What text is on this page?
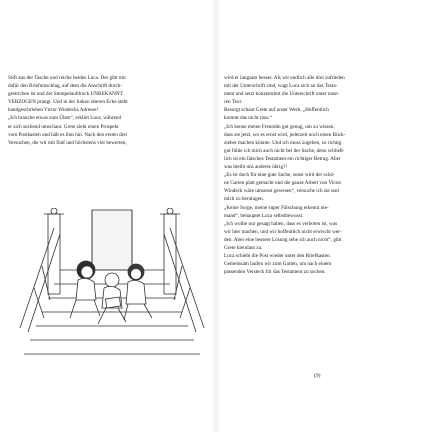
Stift aus der Tasche und reiche beides Luca. Der gibt mir

dafür den Briefumschlag, auf dem die Anschrift durch-

gestrichen ist und der Stempelaufdruck UNBEKANNT

VERZOGEN prangt. Und in der linken oberen Ecke steht

handgeschrieben Victor Windecks Adresse!

„Ich brauche etwas zum Üben“, erklärt Luca, während

er sich suchend umschaut. Grete zieht einen Prospekt

vom Postkasten und hält es ihm hin. Nach den ersten drei

Versuchen, die wir mit fünf und höchstens vier bewerten,

wird er langsam besser. Als wir endlich alle drei zufrieden

mit der Unterschrift sind, wagt Luca sich an das Testa-

ment und setzt konzentriert die Unterschrift unter unse-

ren Text.

Besorgt schaut Grete auf unser Werk. „Hoffentlich

kommt das nicht raus.“

„Ich kenne meine Freundin gut genug, um zu wissen,

dass sie jetzt, wo es ernst wird, jederzeit noch einen Rück-

zieher machen könnte. Und ich muss zugeben, so richtig

gut fühle ich mich auch nicht bei der Sache, denn schließ-

lich ist ein falsches Testament ein richtiger Betrug. Aber

was bleibt uns anderes übrig?!

„Es ist doch für eine gute Sache, sonst wird der schö-

ne Garten platt gemacht und die ganze Arbeit von Victor

Windeck wäre umsonst gewesen“, versuche ich sie und

mich zu beruhigen.

„Keine Sorge, meine super Fälschung erkennt nie-

mand“, behauptet Luca selbstbewusst.

„Ich wollte nur gesagt haben, dass es verboten ist, was

wir hier machen, und wir hoffentlich nicht erwischt wer-

den. Aber eine bessere Lösung sehe ich auch nicht“, gibt

Grete kleinlaut zu.

Luca schiebt die Post wieder unter den Briefkasten.

Gemeinsam laufen wir zum Garten, um nach einem

passenden Versteck für das Testament zu suchen.

(9)
